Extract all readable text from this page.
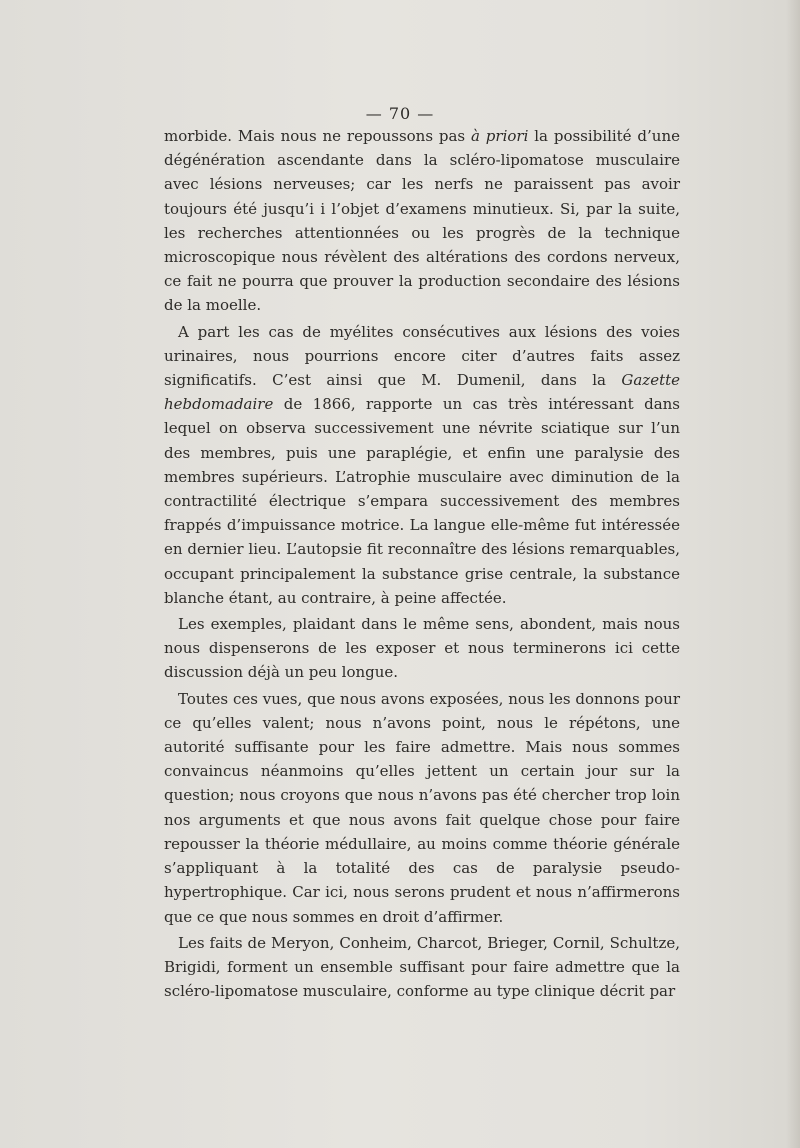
— 70 —

morbide. Mais nous ne repoussons pas à priori la possibilité d’une dégénération ascendante dans la scléro-lipomatose musculaire avec lésions nerveuses; car les nerfs ne paraissent pas avoir toujours été jusqu’i i l’objet d’examens minutieux. Si, par la suite, les recherches attentionnées ou les progrès de la technique microscopique nous révèlent des altérations des cordons nerveux, ce fait ne pourra que prouver la production secondaire des lésions de la moelle.

A part les cas de myélites consécutives aux lésions des voies urinaires, nous pourrions encore citer d’autres faits assez significatifs. C’est ainsi que M. Dumenil, dans la Gazette hebdomadaire de 1866, rapporte un cas très intéressant dans lequel on observa successivement une névrite sciatique sur l’un des membres, puis une paraplégie, et enfin une paralysie des membres supérieurs. L’atrophie musculaire avec diminution de la contractilité électrique s’empara successivement des membres frappés d’impuissance motrice. La langue elle-même fut intéressée en dernier lieu. L’autopsie fit reconnaître des lésions remarquables, occupant principalement la substance grise centrale, la substance blanche étant, au contraire, à peine affectée.

Les exemples, plaidant dans le même sens, abondent, mais nous nous dispenserons de les exposer et nous terminerons ici cette discussion déjà un peu longue.

Toutes ces vues, que nous avons exposées, nous les donnons pour ce qu’elles valent; nous n’avons point, nous le répétons, une autorité suffisante pour les faire admettre. Mais nous sommes convaincus néanmoins qu’elles jettent un certain jour sur la question; nous croyons que nous n’avons pas été chercher trop loin nos arguments et que nous avons fait quelque chose pour faire repousser la théorie médullaire, au moins comme théorie générale s’appliquant à la totalité des cas de paralysie pseudo-hypertrophique. Car ici, nous serons prudent et nous n’affirmerons que ce que nous sommes en droit d’affirmer.

Les faits de Meryon, Conheim, Charcot, Brieger, Cornil, Schultze, Brigidi, forment un ensemble suffisant pour faire admettre que la scléro-lipomatose musculaire, conforme au type clinique décrit par
